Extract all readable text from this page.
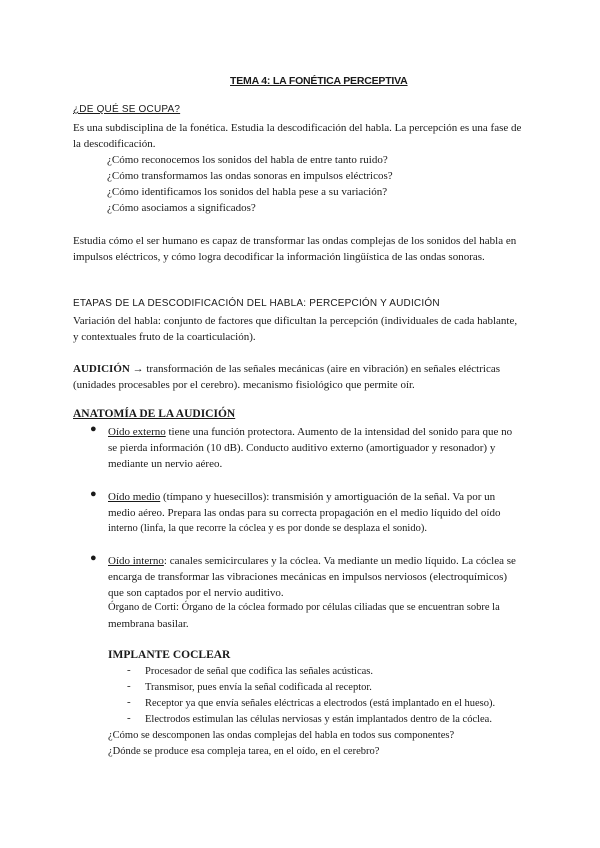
TEMA 4: LA FONÉTICA PERCEPTIVA
¿DE QUÉ SE OCUPA?
Es una subdisciplina de la fonética. Estudia la descodificación del habla. La percepción es una fase de
la descodificación.
¿Cómo reconocemos los sonidos del habla de entre tanto ruido?
¿Cómo transformamos las ondas sonoras en impulsos eléctricos?
¿Cómo identificamos los sonidos del habla pese a su variación?
¿Cómo asociamos a significados?
Estudia cómo el ser humano es capaz de transformar las ondas complejas de los sonidos del habla en
impulsos eléctricos, y cómo logra decodificar la información lingüística de las ondas sonoras.
ETAPAS DE LA DESCODIFICACIÓN DEL HABLA: PERCEPCIÓN Y AUDICIÓN
Variación del habla: conjunto de factores que dificultan la percepción (individuales de cada hablante,
y contextuales fruto de la coarticulación).
AUDICIÓN → transformación de las señales mecánicas (aire en vibración) en señales eléctricas
(unidades procesables por el cerebro). mecanismo fisiológico que permite oír.
ANATOMÍA DE LA AUDICIÓN
● Oído externo tiene una función protectora. Aumento de la intensidad del sonido para que no
se pierda información (10 dB). Conducto auditivo externo (amortiguador y resonador) y
mediante un nervio aéreo.
● Oído medio (tímpano y huesecillos): transmisión y amortiguación de la señal. Va por un
medio aéreo. Prepara las ondas para su correcta propagación en el medio líquido del oído
interno (linfa, la que recorre la cóclea y es por donde se desplaza el sonido).
● Oído interno: canales semicirculares y la cóclea. Va mediante un medio líquido. La cóclea se
encarga de transformar las vibraciones mecánicas en impulsos nerviosos (electroquímicos)
que son captados por el nervio auditivo.
Órgano de Corti: Órgano de la cóclea formado por células ciliadas que se encuentran sobre la
membrana basilar.
IMPLANTE COCLEAR
- Procesador de señal que codifica las señales acústicas.
- Transmisor, pues envía la señal codificada al receptor.
- Receptor ya que envía señales eléctricas a electrodos (está implantado en el hueso).
- Electrodos estimulan las células nerviosas y están implantados dentro de la cóclea.
¿Cómo se descomponen las ondas complejas del habla en todos sus componentes?
¿Dónde se produce esa compleja tarea, en el oído, en el cerebro?
